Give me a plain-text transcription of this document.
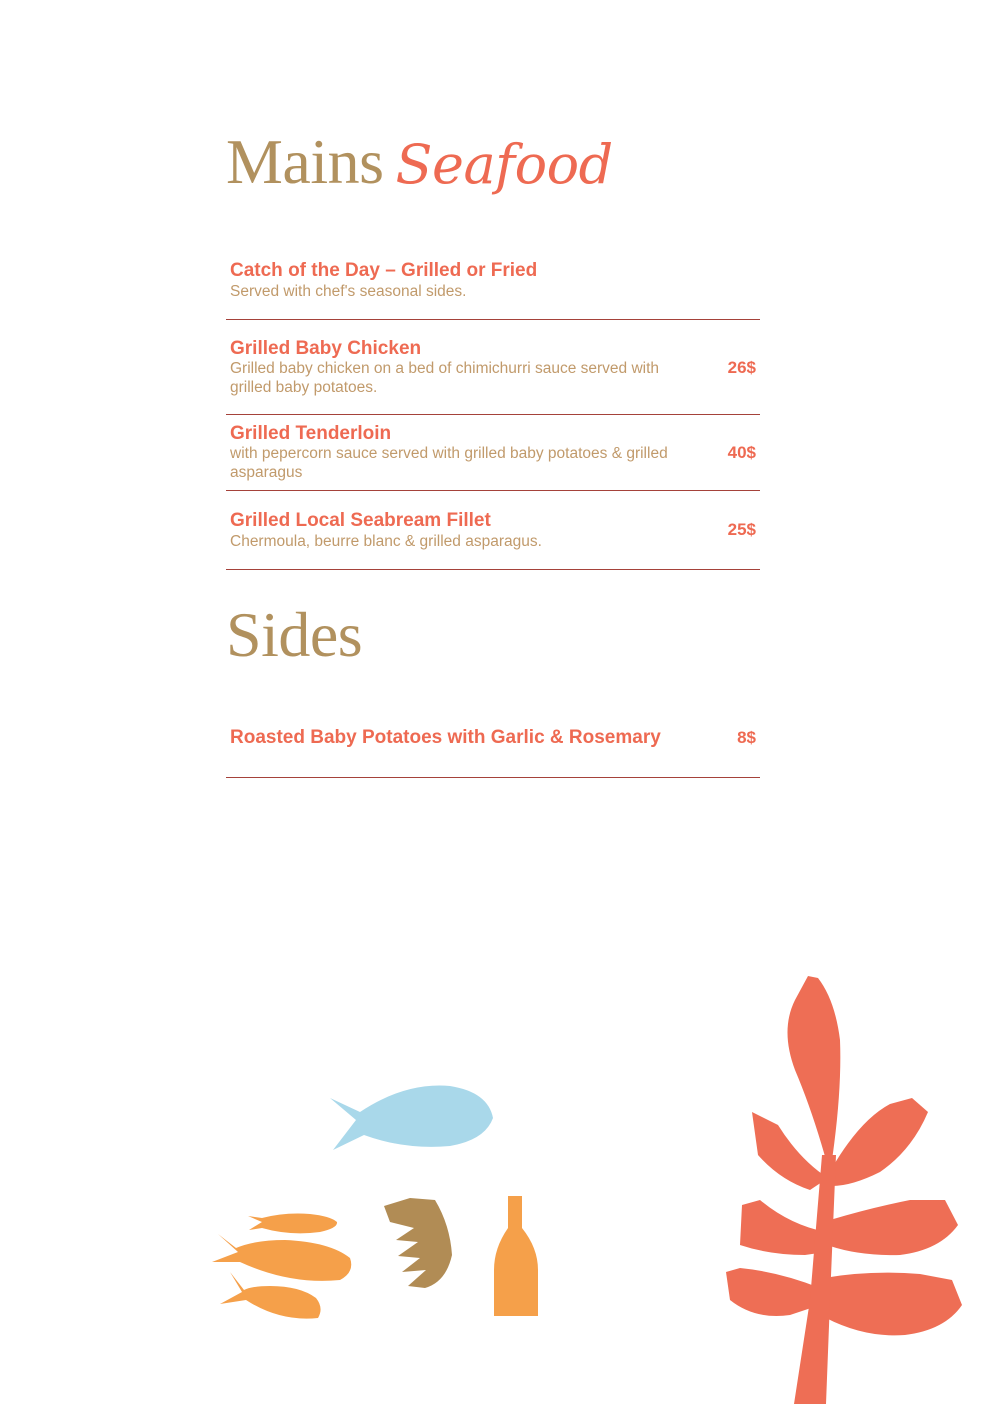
Mains Seafood
Catch of the Day – Grilled or Fried
Served with chef's seasonal sides.
Grilled Baby Chicken
Grilled baby chicken on a bed of chimichurri sauce served with grilled baby potatoes.
26$
Grilled Tenderloin
with pepercorn sauce served with grilled baby potatoes & grilled asparagus
40$
Grilled Local Seabream Fillet
Chermoula, beurre blanc & grilled asparagus.
25$
Sides
Roasted Baby Potatoes with Garlic & Rosemary	8$
